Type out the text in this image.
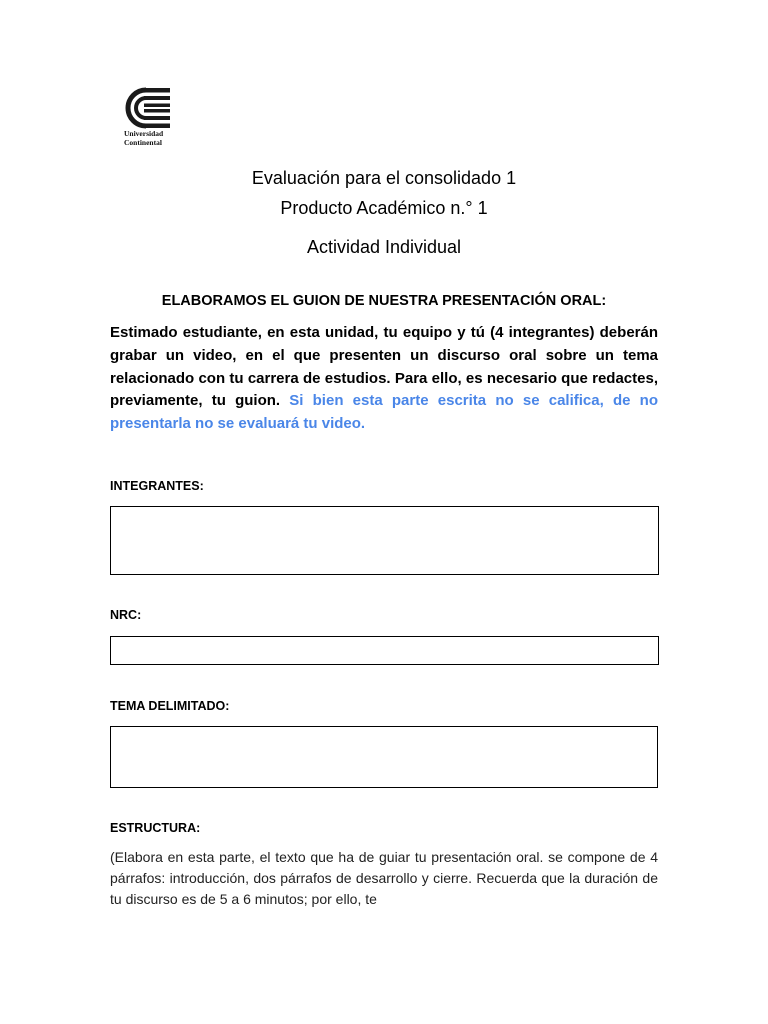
Universidad
Continental
Evaluación para el consolidado 1
Producto Académico n.° 1
Actividad Individual
ELABORAMOS EL GUION DE NUESTRA PRESENTACIÓN ORAL:
Estimado estudiante, en esta unidad, tu equipo y tú (4 integrantes) deberán grabar un video, en el que presenten un discurso oral sobre un tema relacionado con tu carrera de estudios. Para ello, es necesario que redactes, previamente, tu guion. Si bien esta parte escrita no se califica, de no presentarla no se evaluará tu video.
INTEGRANTES:
NRC:
TEMA DELIMITADO:
ESTRUCTURA:
(Elabora en esta parte, el texto que ha de guiar tu presentación oral. se compone de 4 párrafos: introducción, dos párrafos de desarrollo y cierre. Recuerda que la duración de tu discurso es de 5 a 6 minutos; por ello, te
